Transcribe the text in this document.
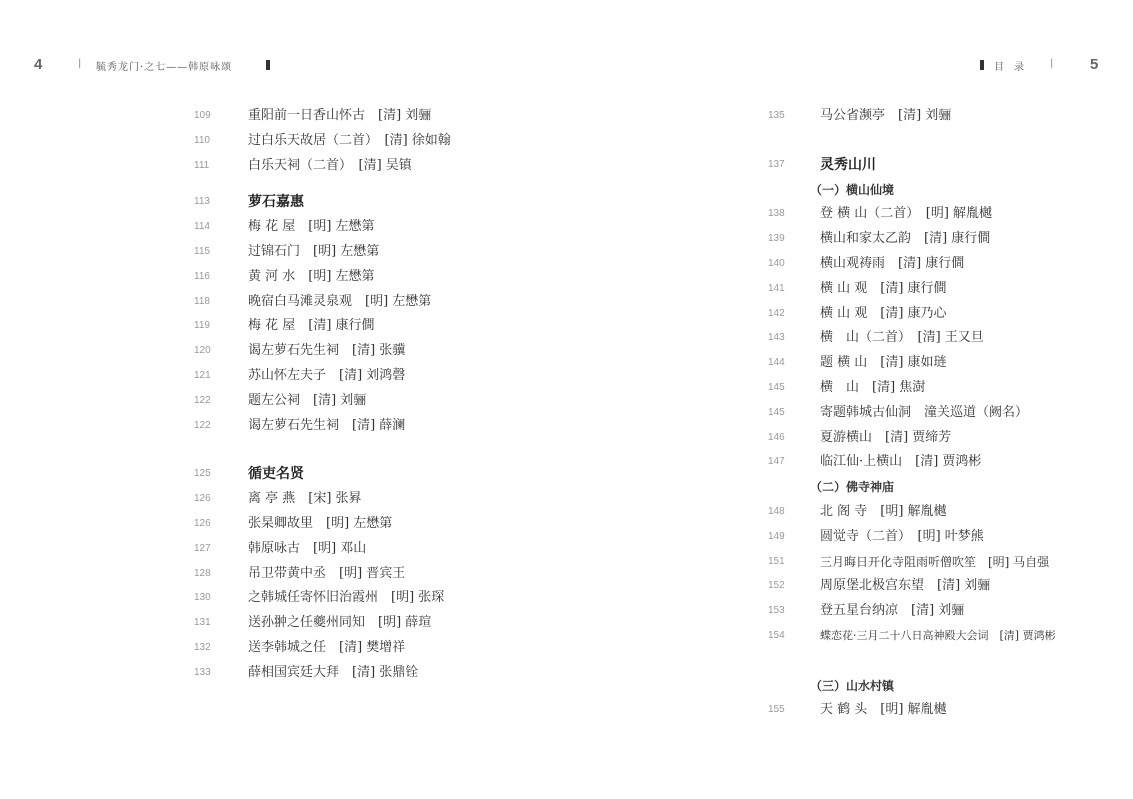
4	| 毓秀龙门·之七——韩原咏颂	目录 | 5
109	重阳前一日香山怀古　[清] 刘骊
110	过白乐天故居（二首）　[清] 徐如翰
111	白乐天祠（二首）　[清] 吴镇
113	萝石嘉惠
114	梅 花 屋　[明] 左懋第
115	过锦石门　[明] 左懋第
116	黄 河 水　[明] 左懋第
118	晚宿白马滩灵泉观　[明] 左懋第
119	梅 花 屋　[清] 康行僴
120	谒左萝石先生祠　[清] 张骥
121	苏山怀左夫子　[清] 刘鸿磬
122	题左公祠　[清] 刘骊
122	谒左萝石先生祠　[清] 薛澜
125	循吏名贤
126	离 亭 燕　[宋] 张昪
126	张杲卿故里　[明] 左懋第
127	韩原咏古　[明] 邓山
128	吊卫带黄中丞　[明] 晋宾王
130	之韩城任寄怀旧治霞州　[明] 张琛
131	送孙翀之任夔州同知　[明] 薛瑄
132	送李韩城之任　[清] 樊增祥
133	薛相国宾廷大拜　[清] 张鼎铨
135	马公省濒亭　[清] 刘骊
137	灵秀山川
（一）横山仙境
138	登 横 山（二首）　[明] 解胤樾
139	横山和家太乙韵　[清] 康行僴
140	横山观祷雨　[清] 康行僴
141	横 山 观　[清] 康行僴
142	横 山 观　[清] 康乃心
143	横　山（二首）　[清] 王又旦
144	题 横 山　[清] 康如琏
145	横　山　[清] 焦澍
145	寄题韩城古仙洞　潼关巡道（阙名）
146	夏游横山　[清] 贾缔芳
147	临江仙·上横山　[清] 贾鸿彬
（二）佛寺神庙
148	北 阁 寺　[明] 解胤樾
149	圆觉寺（二首）　[明] 叶梦熊
151	三月晦日开化寺阻雨听僧吹笙　[明] 马自强
152	周原堡北极宫东望　[清] 刘骊
153	登五星台纳凉　[清] 刘骊
154	蝶恋花·三月二十八日高神殿大会词　[清] 贾鸿彬
（三）山水村镇
155	天 鹤 头　[明] 解胤樾
